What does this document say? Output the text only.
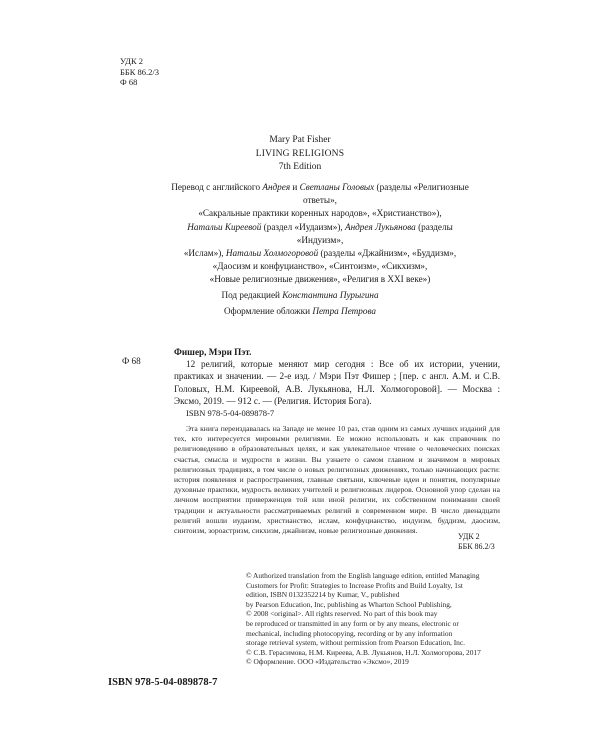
УДК 2
ББК 86.2/3
Ф 68
Mary Pat Fisher
LIVING RELIGIONS
7th Edition
Перевод с английского Андрея и Светланы Головых (разделы «Религиозные ответы»,
«Сакральные практики коренных народов», «Христианство»),
Натальи Киреевой (раздел «Иудаизм»), Андрея Лукьянова (разделы «Индуизм»,
«Ислам»), Натальи Холмогоровой (разделы «Джайнизм», «Буддизм»,
«Даосизм и конфуцианство», «Синтоизм», «Сикхизм»,
«Новые религиозные движения», «Религия в XXI веке»)
Под редакцией Константина Пурыгина
Оформление обложки Петра Петрова
Ф 68
Фишер, Мэри Пэт.
12 религий, которые меняют мир сегодня : Все об их истории, учении, практиках и значении. — 2-е изд. / Мэри Пэт Фишер ; [пер. с англ. А.М. и С.В. Головых, Н.М. Киреевой, А.В. Лукьянова, Н.Л. Холмогоровой]. — Москва : Эксмо, 2019. — 912 с. — (Религия. История Бога).
ISBN 978-5-04-089878-7
Эта книга переиздавалась на Западе не менее 10 раз, став одним из самых лучших изданий для тех, кто интересуется мировыми религиями. Ее можно использовать и как справочник по религиоведению в образовательных целях, и как увлекательное чтение о человеческих поисках счастья, смысла и мудрости в жизни. Вы узнаете о самом главном и значимом в мировых религиозных традициях, в том числе о новых религиозных движениях, только начинающих расти: история появления и распространения, главные святыни, ключевые идеи и понятия, популярные духовные практики, мудрость великих учителей и религиозных лидеров. Основной упор сделан на личном восприятии приверженцев той или иной религии, их собственном понимании своей традиции и актуальности рассматриваемых религий в современном мире. В число двенадцати религий вошли иудаизм, христианство, ислам, конфуцианство, индуизм, буддизм, даосизм, синтоизм, зороастризм, сикхизм, джайнизм, новые религиозные движения.
УДК 2
ББК 86.2/3
© Authorized translation from the English language edition, entitled Managing
Customers for Profit: Strategies to Increase Profits and Build Loyalty, 1st
edition, ISBN 0132352214 by Kumar, V., published
by Pearson Education, Inc, publishing as Wharton School Publishing,
© 2008 <original>. All rights reserved. No part of this book may
be reproduced or transmitted in any form or by any means, electronic or
mechanical, including photocopying, recording or by any information
storage retrieval system, without permission from Pearson Education, Inc.
© С.В. Герасимова, Н.М. Киреева, А.В. Лукьянов, Н.Л. Холмогорова, 2017
© Оформление. ООО «Издательство «Эксмо», 2019
ISBN 978-5-04-089878-7
